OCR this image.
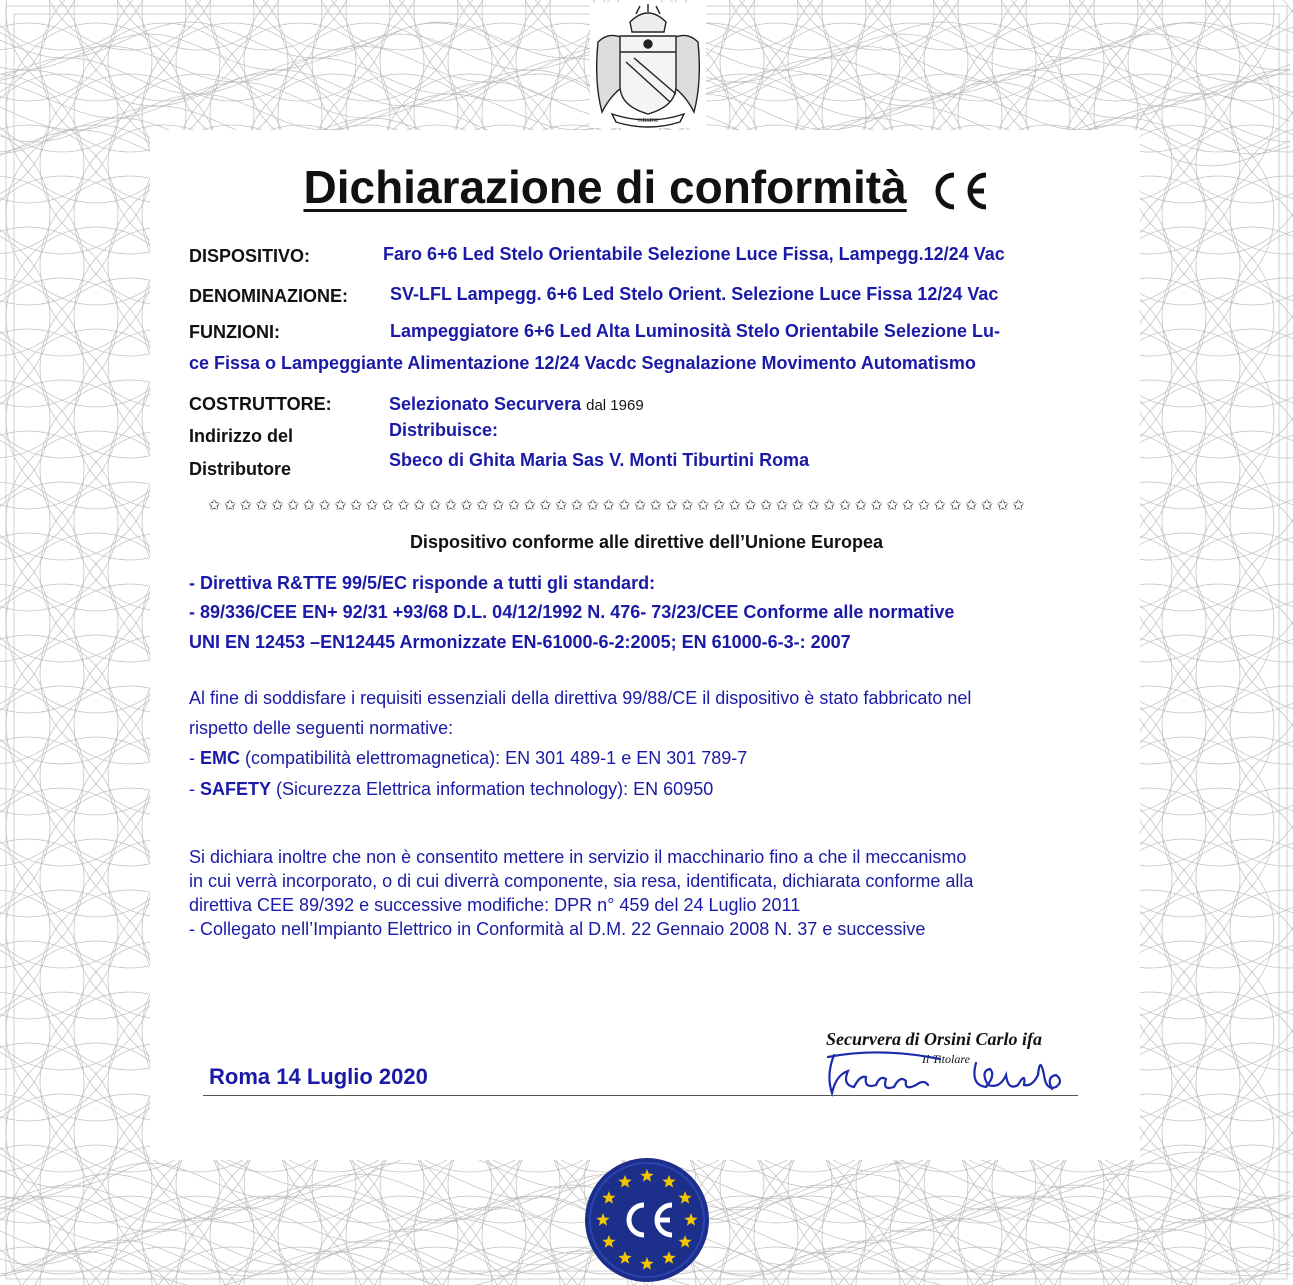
ORSINI
Dichiarazione di conformità
DISPOSITIVO:	Faro 6+6 Led Stelo Orientabile Selezione Luce Fissa, Lampegg.12/24 Vac
DENOMINAZIONE: SV-LFL Lampegg. 6+6 Led Stelo Orient. Selezione Luce Fissa 12/24 Vac
FUNZIONI:	Lampeggiatore 6+6 Led Alta Luminosità Stelo Orientabile Selezione Lu-
ce Fissa o Lampeggiante Alimentazione 12/24 Vacdc Segnalazione Movimento Automatismo
COSTRUTTORE:	Selezionato Securvera dal 1969
Indirizzo del	Distribuisce:
Distributore	Sbeco di Ghita Maria Sas V. Monti Tiburtini Roma
✩✩✩✩✩✩✩✩✩✩✩✩✩✩✩✩✩✩✩✩✩✩✩✩✩✩✩✩✩✩✩✩✩✩✩✩✩✩✩✩✩✩✩✩✩✩✩✩✩✩✩✩
Dispositivo conforme alle direttive dell’Unione Europea
- Direttiva R&TTE 99/5/EC risponde a tutti gli standard:
- 89/336/CEE EN+ 92/31 +93/68 D.L. 04/12/1992 N. 476- 73/23/CEE Conforme alle normative
UNI EN 12453 –EN12445 Armonizzate EN-61000-6-2:2005; EN 61000-6-3-: 2007
Al fine di soddisfare i requisiti essenziali della direttiva 99/88/CE il dispositivo è stato fabbricato nel
rispetto delle seguenti normative:
- EMC (compatibilità elettromagnetica): EN 301 489-1 e EN 301 789-7
- SAFETY (Sicurezza Elettrica information technology): EN 60950
Si dichiara inoltre che non è consentito mettere in servizio il macchinario fino a che il meccanismo
in cui verrà incorporato, o di cui diverrà componente, sia resa, identificata, dichiarata conforme alla
direttiva CEE 89/392 e successive modifiche: DPR n° 459 del 24 Luglio 2011
- Collegato nell’Impianto Elettrico in Conformità al D.M. 22 Gennaio 2008 N. 37 e successive
Securvera di Orsini Carlo ifa
Il Titolare
Roma 14 Luglio 2020
